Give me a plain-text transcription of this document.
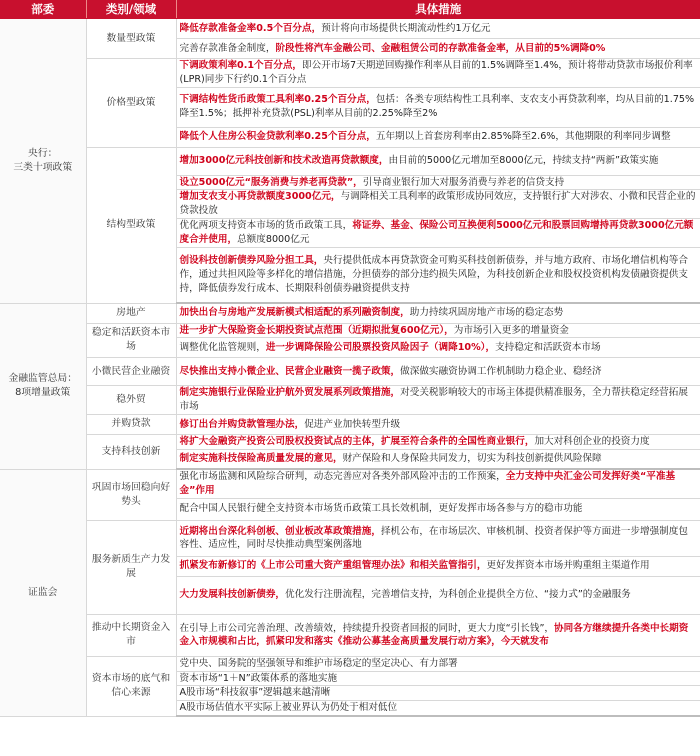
部委	类别/领域	具体措施
央行：
三类十项政策	数量型政策	降低存款准备金率0.5个百分点，预计将向市场提供长期流动性约1万亿元
		完善存款准备金制度，阶段性将汽车金融公司、金融租赁公司的存款准备金率，从目前的5%调降0%
	价格型政策	下调政策利率0.1个百分点，即公开市场7天期逆回购操作利率从目前的1.5%调降至1.4%，预计将带动贷款市场报价利率(LPR)同步下行约0.1个百分点
		下调结构性货币政策工具利率0.25个百分点，包括：各类专项结构性工具利率、支农支小再贷款利率，均从目前的1.75%降至1.5%；抵押补充贷款(PSL)利率从目前的2.25%降至2%
		降低个人住房公积金贷款利率0.25个百分点，五年期以上首套房利率由2.85%降至2.6%，其他期限的利率同步调整
	结构型政策	增加3000亿元科技创新和技术改造再贷款额度，由目前的5000亿元增加至8000亿元，持续支持“两新”政策实施
		设立5000亿元“服务消费与养老再贷款”，引导商业银行加大对服务消费与养老的信贷支持
		增加支农支小再贷款额度3000亿元，与调降相关工具利率的政策形成协同效应，支持银行扩大对涉农、小微和民营企业的贷款投放
		优化两项支持资本市场的货币政策工具，将证券、基金、保险公司互换便利5000亿元和股票回购增持再贷款3000亿元额度合并使用，总额度8000亿元
		创设科技创新债券风险分担工具，央行提供低成本再贷款资金可购买科技创新债券，并与地方政府、市场化增信机构等合作，通过共担风险等多样化的增信措施，分担债券的部分违约损失风险，为科技创新企业和股权投资机构发债融资提供支持，降低债券发行成本、长期限科创债券融资提供支持
金融监管总局：
8项增量政策	房地产	加快出台与房地产发展新模式相适配的系列融资制度，助力持续巩固房地产市场的稳定态势
	稳定和活跃资本市场	进一步扩大保险资金长期投资试点范围（近期拟批复600亿元），为市场引入更多的增量资金
		调整优化监管规则，进一步调降保险公司股票投资风险因子（调降10%），支持稳定和活跃资本市场
	小微民营企业融资	尽快推出支持小微企业、民营企业融资一揽子政策，做深做实融资协调工作机制助力稳企业、稳经济
	稳外贸	制定实施银行业保险业护航外贸发展系列政策措施，对受关税影响较大的市场主体提供精准服务，全力帮扶稳定经营拓展市场
	并购贷款	修订出台并购贷款管理办法，促进产业加快转型升级
	支持科技创新	将扩大金融资产投资公司股权投资试点的主体，扩展至符合条件的全国性商业银行，加大对科创企业的投资力度
		制定实施科技保险高质量发展的意见，财产保险和人身保险共同发力，切实为科技创新提供风险保障
证监会	巩固市场回稳向好势头	强化市场监测和风险综合研判，动态完善应对各类外部风险冲击的工作预案，全力支持中央汇金公司发挥好类“平准基金”作用
		配合中国人民银行健全支持资本市场货币政策工具长效机制，更好发挥市场各参与方的稳市功能
	服务新质生产力发展	近期将出台深化科创板、创业板改革政策措施，择机公布，在市场层次、审核机制、投资者保护等方面进一步增强制度包容性、适应性，同时尽快推动典型案例落地
		抓紧发布新修订的《上市公司重大资产重组管理办法》和相关监管指引，更好发挥资本市场并购重组主渠道作用
		大力发展科技创新债券，优化发行注册流程，完善增信支持，为科创企业提供全方位、“接力式”的金融服务
	推动中长期资金入市	在引导上市公司完善治理、改善绩效，持续提升投资者回报的同时，更大力度“引长钱”，协同各方继续提升各类中长期资金入市规模和占比，抓紧印发和落实《推动公募基金高质量发展行动方案》，今天就发布
	资本市场的底气和信心来源	党中央、国务院的坚强领导和维护市场稳定的坚定决心、有力部署
		资本市场“1＋N”政策体系的落地实施
		A股市场“科技叙事”逻辑越来越清晰
		A股市场估值水平实际上被业界认为仍处于相对低位
